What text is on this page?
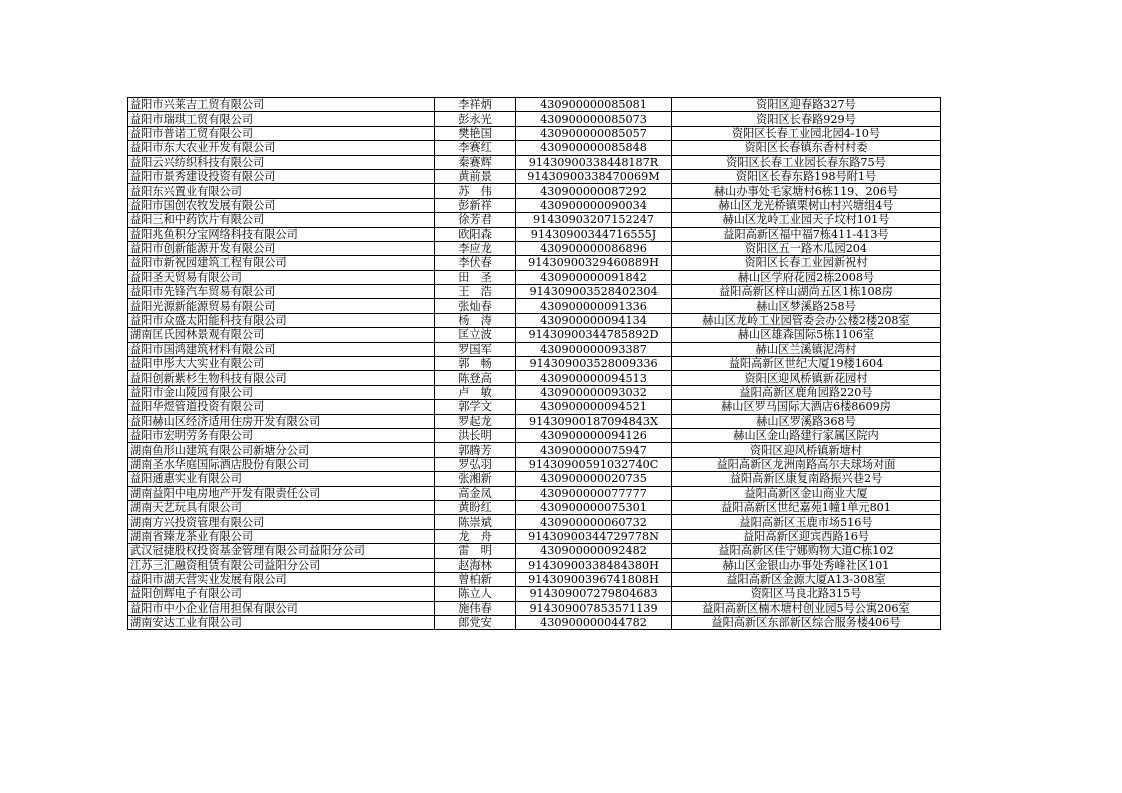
益阳市兴莱吉工贸有限公司	李祥炳	430900000085081	资阳区迎春路327号
益阳市瑞琪工贸有限公司	彭永光	430900000085073	资阳区长春路929号
益阳市普诺工贸有限公司	樊艳国	430900000085057	资阳区长春工业园北园4-10号
益阳市东大农业开发有限公司	李赛红	430900000085848	资阳区长春镇东香村村委
益阳云兴纺织科技有限公司	秦赛辉	91430900338448187R	资阳区长春工业园长春东路75号
益阳市景秀建设投资有限公司	黄前景	91430900338470069M	资阳区长春东路198号附1号
益阳东兴置业有限公司	苏　伟	430900000087292	赫山办事处毛家塘村6栋119、206号
益阳市国创农牧发展有限公司	彭新祥	430900000090034	赫山区龙光桥镇栗树山村兴塘组4号
益阳三和中药饮片有限公司	徐芳君	91430903207152247	赫山区龙岭工业园天子坟村101号
益阳兆鱼积分宝网络科技有限公司	欧阳森	91430900344716555J	益阳高新区福中福7栋411-413号
益阳市创新能源开发有限公司	李应龙	430900000086896	资阳区五一路木瓜园204
益阳市新祝园建筑工程有限公司	李伏春	91430900329460889H	资阳区长春工业园新祝村
益阳圣天贸易有限公司	田　圣	430900000091842	赫山区学府花园2栋2008号
益阳市先锋汽车贸易有限公司	王　浩	914309003528402304	益阳高新区梓山湖尚五区1栋108房
益阳光源新能源贸易有限公司	张灿春	430900000091336	赫山区梦溪路258号
益阳市众盛太阳能科技有限公司	杨　涛	430900000094134	赫山区龙岭工业园管委会办公楼2楼208室
湖南匡氏园林景观有限公司	匡立波	91430900344785892D	赫山区雄森国际5栋1106室
益阳市国鸿建筑材料有限公司	罗国军	430900000093387	赫山区兰溪镇泥湾村
益阳申彤大大实业有限公司	郭　畅	914309003528009336	益阳高新区世纪大厦19楼1604
益阳创新紫杉生物科技有限公司	陈登高	430900000094513	资阳区迎风桥镇新花园村
益阳市金山陵园有限公司	卢　敏	430900000093032	益阳高新区鹿角园路220号
益阳华煜管道投资有限公司	郭学文	430900000094521	赫山区罗马国际大酒店6楼8609房
益阳赫山区经济适用住房开发有限公司	罗起龙	91430900187094843X	赫山区罗溪路368号
益阳市宏明劳务有限公司	洪长明	430900000094126	赫山区金山路建行家属区院内
湖南鱼形山建筑有限公司新塘分公司	郭腾芳	430900000075947	资阳区迎风桥镇新塘村
湖南圣水华庭国际酒店股份有限公司	罗弘羽	91430900591032740C	益阳高新区龙洲南路高尔夫球场对面
益阳通惠实业有限公司	张湘新	430900000020735	益阳高新区康复南路振兴巷2号
湖南益阳中电房地产开发有限责任公司	高金凤	430900000077777	益阳高新区金山商业大厦
湖南天艺玩具有限公司	黄盼红	430900000075301	益阳高新区世纪嘉苑1幢1单元801
湖南方兴投资管理有限公司	陈崇斌	430900000060732	益阳高新区玉鹿市场516号
湖南省臻龙茶业有限公司	龙　舟	91430900344729778N	益阳高新区迎宾西路16号
武汉冠捷股权投资基金管理有限公司益阳分公司	雷　明	430900000092482	益阳高新区佳宁娜购物大道C栋102
江苏三汇融资租赁有限公司益阳分公司	赵海林	91430900338484380H	赫山区金银山办事处秀峰社区101
益阳市湖天营实业发展有限公司	曾柏新	91430900396741808H	益阳高新区金源大厦A13-308室
益阳创辉电子有限公司	陈立人	914309007279804683	资阳区马良北路315号
益阳市中小企业信用担保有限公司	施伟春	914309007853571139	益阳高新区楠木塘村创业园5号公寓206室
湖南安达工业有限公司	郎党安	430900000044782	益阳高新区东部新区综合服务楼406号
